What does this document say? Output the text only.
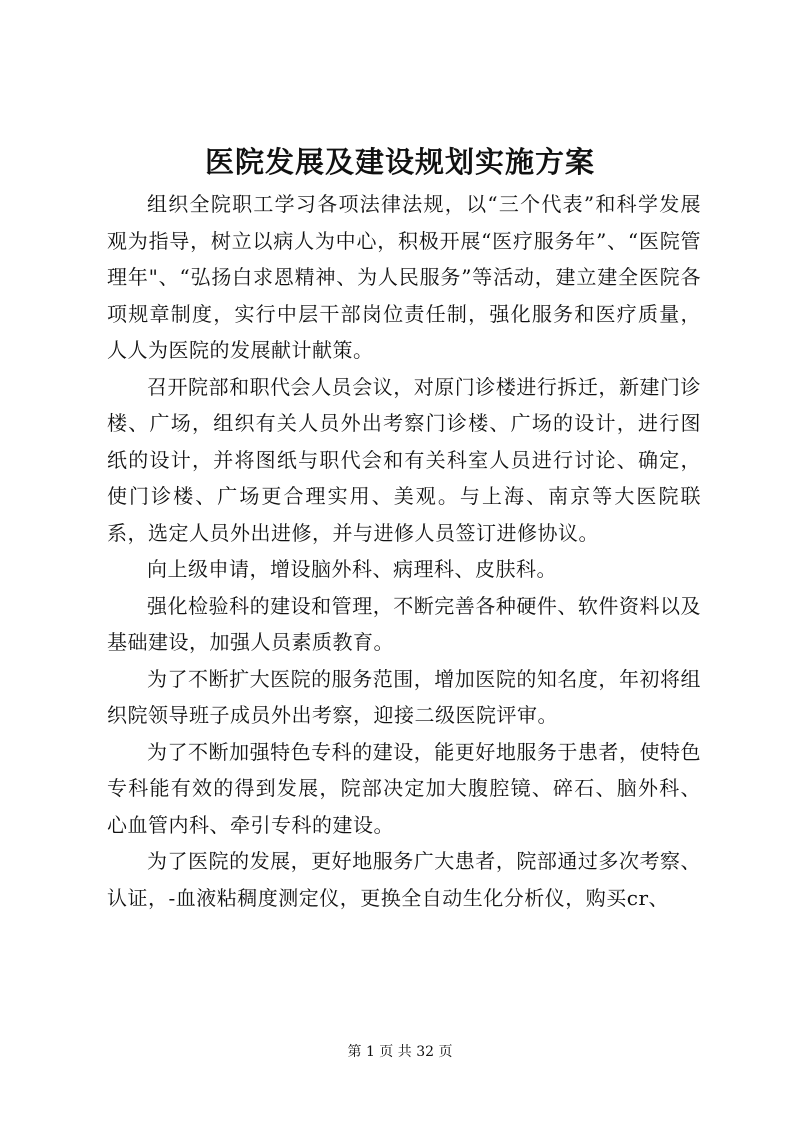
医院发展及建设规划实施方案

组织全院职工学习各项法律法规，以“三个代表”和科学发展观为指导，树立以病人为中心，积极开展“医疗服务年”、“医院管理年"、“弘扬白求恩精神、为人民服务”等活动，建立建全医院各项规章制度，实行中层干部岗位责任制，强化服务和医疗质量，人人为医院的发展献计献策。

召开院部和职代会人员会议，对原门诊楼进行拆迁，新建门诊楼、广场，组织有关人员外出考察门诊楼、广场的设计，进行图纸的设计，并将图纸与职代会和有关科室人员进行讨论、确定，使门诊楼、广场更合理实用、美观。与上海、南京等大医院联系，选定人员外出进修，并与进修人员签订进修协议。

向上级申请，增设脑外科、病理科、皮肤科。

强化检验科的建设和管理，不断完善各种硬件、软件资料以及基础建设，加强人员素质教育。

为了不断扩大医院的服务范围，增加医院的知名度，年初将组织院领导班子成员外出考察，迎接二级医院评审。

为了不断加强特色专科的建设，能更好地服务于患者，使特色专科能有效的得到发展，院部决定加大腹腔镜、碎石、脑外科、心血管内科、牵引专科的建设。

为了医院的发展，更好地服务广大患者，院部通过多次考察、认证，-血液粘稠度测定仪，更换全自动生化分析仪，购买cr、

第 1 页 共 32 页
